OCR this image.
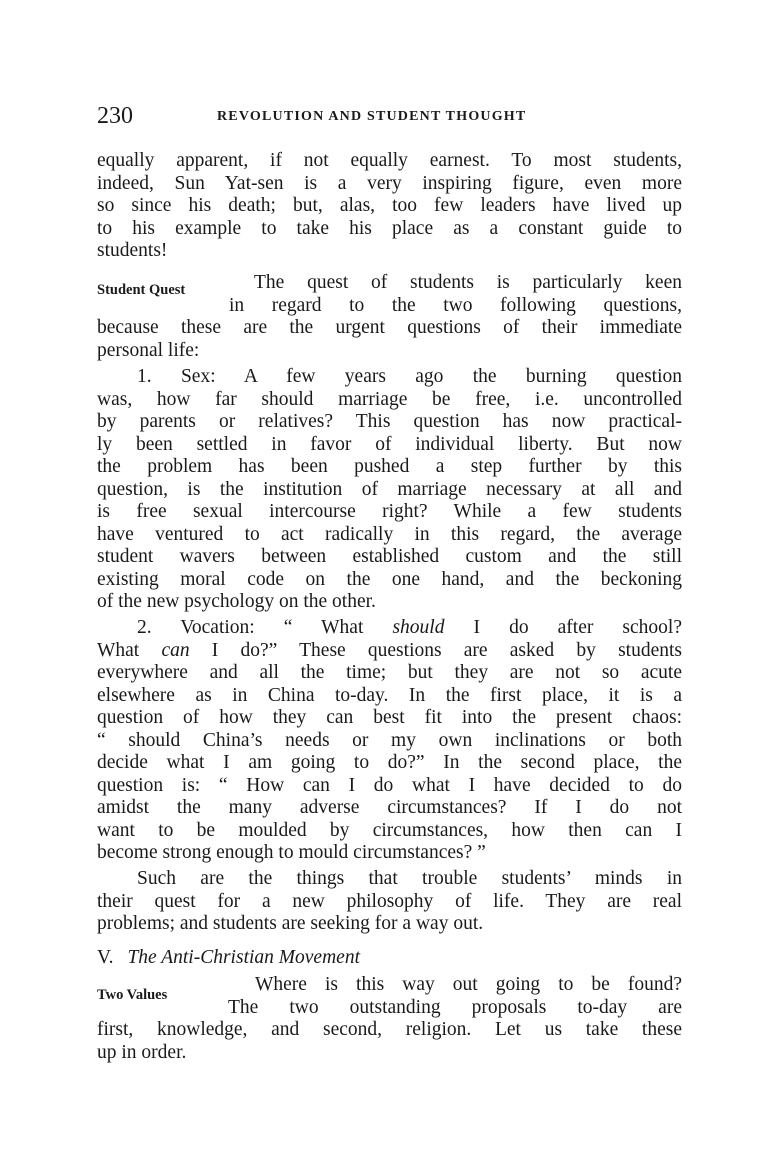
230	REVOLUTION AND STUDENT THOUGHT
equally apparent, if not equally earnest. To most students,
indeed, Sun Yat-sen is a very inspiring figure, even more
so since his death; but, alas, too few leaders have lived up
to his example to take his place as a constant guide to
students!
Student Quest	The quest of students is particularly keen
in regard to the two following questions,
because these are the urgent questions of their immediate
personal life:
1. Sex: A few years ago the burning question
was, how far should marriage be free, i.e. uncontrolled
by parents or relatives? This question has now practical-
ly been settled in favor of individual liberty. But now
the problem has been pushed a step further by this
question, is the institution of marriage necessary at all and
is free sexual intercourse right? While a few students
have ventured to act radically in this regard, the average
student wavers between established custom and the still
existing moral code on the one hand, and the beckoning
of the new psychology on the other.
2. Vocation: “ What should I do after school?
What can I do?” These questions are asked by students
everywhere and all the time; but they are not so acute
elsewhere as in China to-day. In the first place, it is a
question of how they can best fit into the present chaos:
“ should China’s needs or my own inclinations or both
decide what I am going to do?” In the second place, the
question is: “ How can I do what I have decided to do
amidst the many adverse circumstances? If I do not
want to be moulded by circumstances, how then can I
become strong enough to mould circumstances? ”
Such are the things that trouble students’ minds in
their quest for a new philosophy of life. They are real
problems; and students are seeking for a way out.
V. The Anti-Christian Movement
Two Values	Where is this way out going to be found?
The two outstanding proposals to-day are
first, knowledge, and second, religion. Let us take these
up in order.
